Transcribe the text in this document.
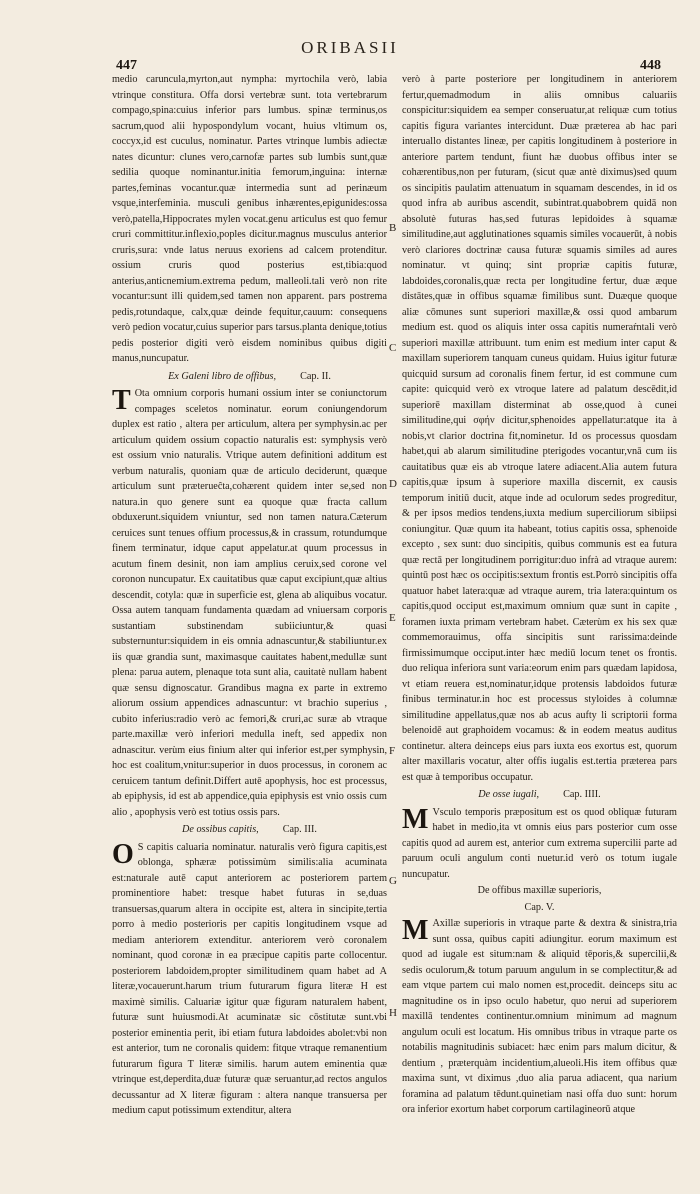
ORIBASII
447	448

medio caruncula,myrton,aut nympha: myrtochila verò, labia vtrinque constitura. Offa dorsi vertebræ sunt. tota vertebrarum compago,spina:cuius inferior pars lumbus. spinæ terminus,os sacrum,quod alii hypospondylum vocant, huius vltimum os, coccyx,id est cuculus, nominatur. Partes vtrinque lumbis adiectæ nates dicuntur: clunes vero,carnofæ partes sub lumbis sunt,quæ sedilia quoque nominantur.initia femorum,inguina: internæ partes,feminas vocantur.quæ intermedia sunt ad perinæum vsque,interfeminia. musculi genibus inhærentes,epigunides:ossa verò,patella,Hippocrates mylen vocat.genu articulus est quo femur cruri committitur.inflexio,poples dicitur.magnus musculus anterior cruris,sura: vnde latus neruus exoriens ad calcem protenditur. ossium cruris quod posterius est,tibia:quod anterius,anticnemium.extrema pedum, malleoli.tali verò non rite vocantur:sunt illi quidem,sed tamen non apparent. pars postrema pedis,rotundaque, calx,quæ deinde fequitur,cauum: consequens verò pedion vocatur,cuius superior pars tarsus.planta denique,totius pedis posterior digiti verò eisdem nominibus quibus digiti manus,nuncupatur.

Ex Galeni libro de offibus, Cap. II.

T Ota omnium corporis humani ossium inter se coniunctorum compages sceletos nominatur. eorum coniungendorum duplex est ratio , altera per articulum, altera per symphysin.ac per articulum quidem ossium copactio naturalis est: symphysis verò est ossium vnio naturalis. Vtrique autem definitioni additum est verbum naturalis, quoniam quæ de articulo deciderunt, quæque articulum sunt præterueĉta,cohærent quidem inter se,sed non natura.in quo genere sunt ea quoque quæ fracta callum obduxerunt.siquidem vniuntur, sed non tamen natura.Cæterum ceruices sunt tenues offium processus,& in crassum, rotundumque finem terminatur, idque caput appelatur.at quum processus in acutum finem desinit, non iam amplius ceruix,sed corone vel coronon nuncupatur. Ex cauitatibus quæ caput excipiunt,quæ altius descendit, cotyla: quæ in superficie est, glena ab aliquibus vocatur. Ossa autem tanquam fundamenta quædam ad vniuersam corporis sustantiam substinendam subiiciuntur,& quasi substernuntur:siquidem in eis omnia adnascuntur,& stabiliuntur.ex iis quæ grandia sunt, maximasque cauitates habent,medullæ sunt plena: parua autem, plenaque tota sunt alia, cauitatè nullam habent quæ sensu dignoscatur. Grandibus magna ex parte in extremo aliorum ossium appendices adnascuntur: vt brachio superius , cubito inferius:radio verò ac femori,& cruri,ac suræ ab vtraque parte.maxillæ verò inferiori medulla ineft, sed appedix non adnascitur. verùm eius finium alter qui inferior est,per symphysin, hoc est coalitum,vnitur:superior in duos processus, in coronem ac ceruicem tantum definit.Differt autē apophysis, hoc est processus, ab epiphysis, id est ab appendice,quia epiphysis est vnio ossis cum alio , apophysis verò est totius ossis pars.

De ossibus capitis, Cap. III.

O S capitis caluaria nominatur. naturalis verò figura capitis,est oblonga, sphæræ potissimùm similis:alia acuminata est:naturale autē caput anteriorem ac posteriorem partem prominentiore habet: tresque habet futuras in se,duas transuersas,quarum altera in occipite est, altera in sincipite,tertia porro à medio posterioris per capitis longitudinem vsque ad mediam anteriorem extenditur. anteriorem verò coronalem nominant, quod coronæ in ea præcipue capitis parte collocentur. posteriorem labdoidem,propter similitudinem quam habet ad A literæ,vocauerunt.harum trium futurarum figura literæ H est maximè similis. Caluariæ igitur quæ figuram naturalem habent, futuræ sunt huiusmodi.At acuminatæ sic cōstitutæ sunt.vbi posterior eminentia perit, ibi etiam futura labdoides abolet:vbi non est anterior, tum ne coronalis quidem: fitque vtraque remanentium futurarum figura T literæ similis. harum autem eminentia quæ vtrinque est,deperdita,duæ futuræ quæ seruantur,ad rectos angulos decussantur ad X literæ figuram : altera nanque transuersa per medium caput potissimum extenditur, altera

B
C
D
E
F
G
H

verò à parte posteriore per longitudinem in anteriorem fertur,quemadmodum in aliis omnibus caluariis conspicitur:siquidem ea semper conseruatur,at reliquæ cum totius capitis figura variantes intercidunt. Duæ præterea ab hac pari interuallo distantes lineæ, per capitis longitudinem à posteriore in anteriore partem tendunt, fiunt hæ duobus offibus inter se cohærentibus,non per futuram, (sicut quæ antè diximus)sed quum os sincipitis paulatim attenuatum in squamam descendes, in id os quod infra ab auribus ascendit, subintrat.quabobrem quidā non absolutè futuras has,sed futuras lepidoides à squamæ similitudine,aut agglutinationes squamis similes vocauerūt, à nobis verò clariores doctrinæ causa futuræ squamis similes ad aures nominatur. vt quinq; sint propriæ capitis futuræ, labdoides,coronalis,quæ recta per longitudine fertur, duæ æque distātes,quæ in offibus squamæ fimilibus sunt. Duæque quoque aliæ cōmunes sunt superiori maxillæ,& ossi quod ambarum medium est. quod os aliquis inter ossa capitis numeraŕntali verò superiori maxillæ attribuunt. tum enim est medium inter caput & maxillam superiorem tanquam cuneus quidam. Huius igitur futuræ quicquid sursum ad coronalis finem fertur, id est commune cum capite: quicquid verò ex vtroque latere ad palatum descēdit,id superiorē maxillam disterminat ab osse,quod à cunei similitudine,qui σφήν dicitur,sphenoides appellatur:atque ita à nobis,vt clarior doctrina fit,nominetur. Id os processus quosdam habet,qui ab alarum similitudine pterigodes vocantur,vnā cum iis cauitatibus quæ eis ab vtroque latere adiacent.Alia autem futura capitis,quæ ipsum à superiore maxilla discernit, ex causis temporum initiū ducit, atque inde ad oculorum sedes progreditur, & per ipsos medios tendens,iuxta medium superciliorum sibiipsi coniungitur. Quæ quum ita habeant, totius capitis ossa, sphenoide excepto , sex sunt: duo sincipitis, quibus communis est ea futura quæ rectā per longitudinem porrigitur:duo infrà ad vtraque aurem: quintū post hæc os occipitis:sextum frontis est.Porrò sincipitis offa quatuor habet latera:quæ ad vtraque aurem, tria latera:quintum os capitis,quod occiput est,maximum omnium quæ sunt in capite , foramen iuxta primam vertebram habet. Cæterùm ex his sex quæ commemorauimus, offa sincipitis sunt rarissima:deinde firmissimumque occiput.inter hæc mediū locum tenet os frontis. duo reliqua inferiora sunt varia:eorum enim pars quædam lapidosa, vt etiam reuera est,nominatur,idque protensis labdoidos futuræ finibus terminatur.in hoc est processus styloides à columnæ similitudine appellatus,quæ nos ab acus aufty li scriptorii forma belenoidē aut graphoidem vocamus: & in eodem meatus auditus continetur. altera deinceps eius pars iuxta eos exortus est, quorum alter maxillaris vocatur, alter offis iugalis est.tertia præterea pars est quæ à temporibus occupatur.

De osse iugali, Cap. IIII.

M Vsculo temporis præpositum est os quod obliquæ futuram habet in medio,ita vt omnis eius pars posterior cum osse capitis quod ad aurem est, anterior cum extrema supercilii parte ad paruum oculi angulum conti nuetur.id verò os totum iugale nuncupatur.

De offibus maxillæ superioris,

Cap. V.

M Axillæ superioris in vtraque parte & dextra & sinistra,tria sunt ossa, quibus capiti adiungitur. eorum maximum est quod ad iugale est situm:nam & aliquid tēporis,& supercilii,& sedis oculorum,& totum paruum angulum in se complectitur,& ad eam vtque partem cui malo nomen est,procedit. deinceps situ ac magnitudine os in ipso oculo habetur, quo nerui ad superiorem maxillā tendentes continentur.omnium minimum ad magnum angulum oculi est locatum. His omnibus tribus in vtraque parte os notabilis magnitudinis subiacet: hæc enim pars malum dicitur, & dentium , præterquàm incidentium,alueoli.His item offibus quæ maxima sunt, vt diximus ,duo alia parua adiacent, qua narium foramina ad palatum tēdunt.quinetiam nasi offa duo sunt: horum ora inferior exortum habet corporum cartilagineorū atque
